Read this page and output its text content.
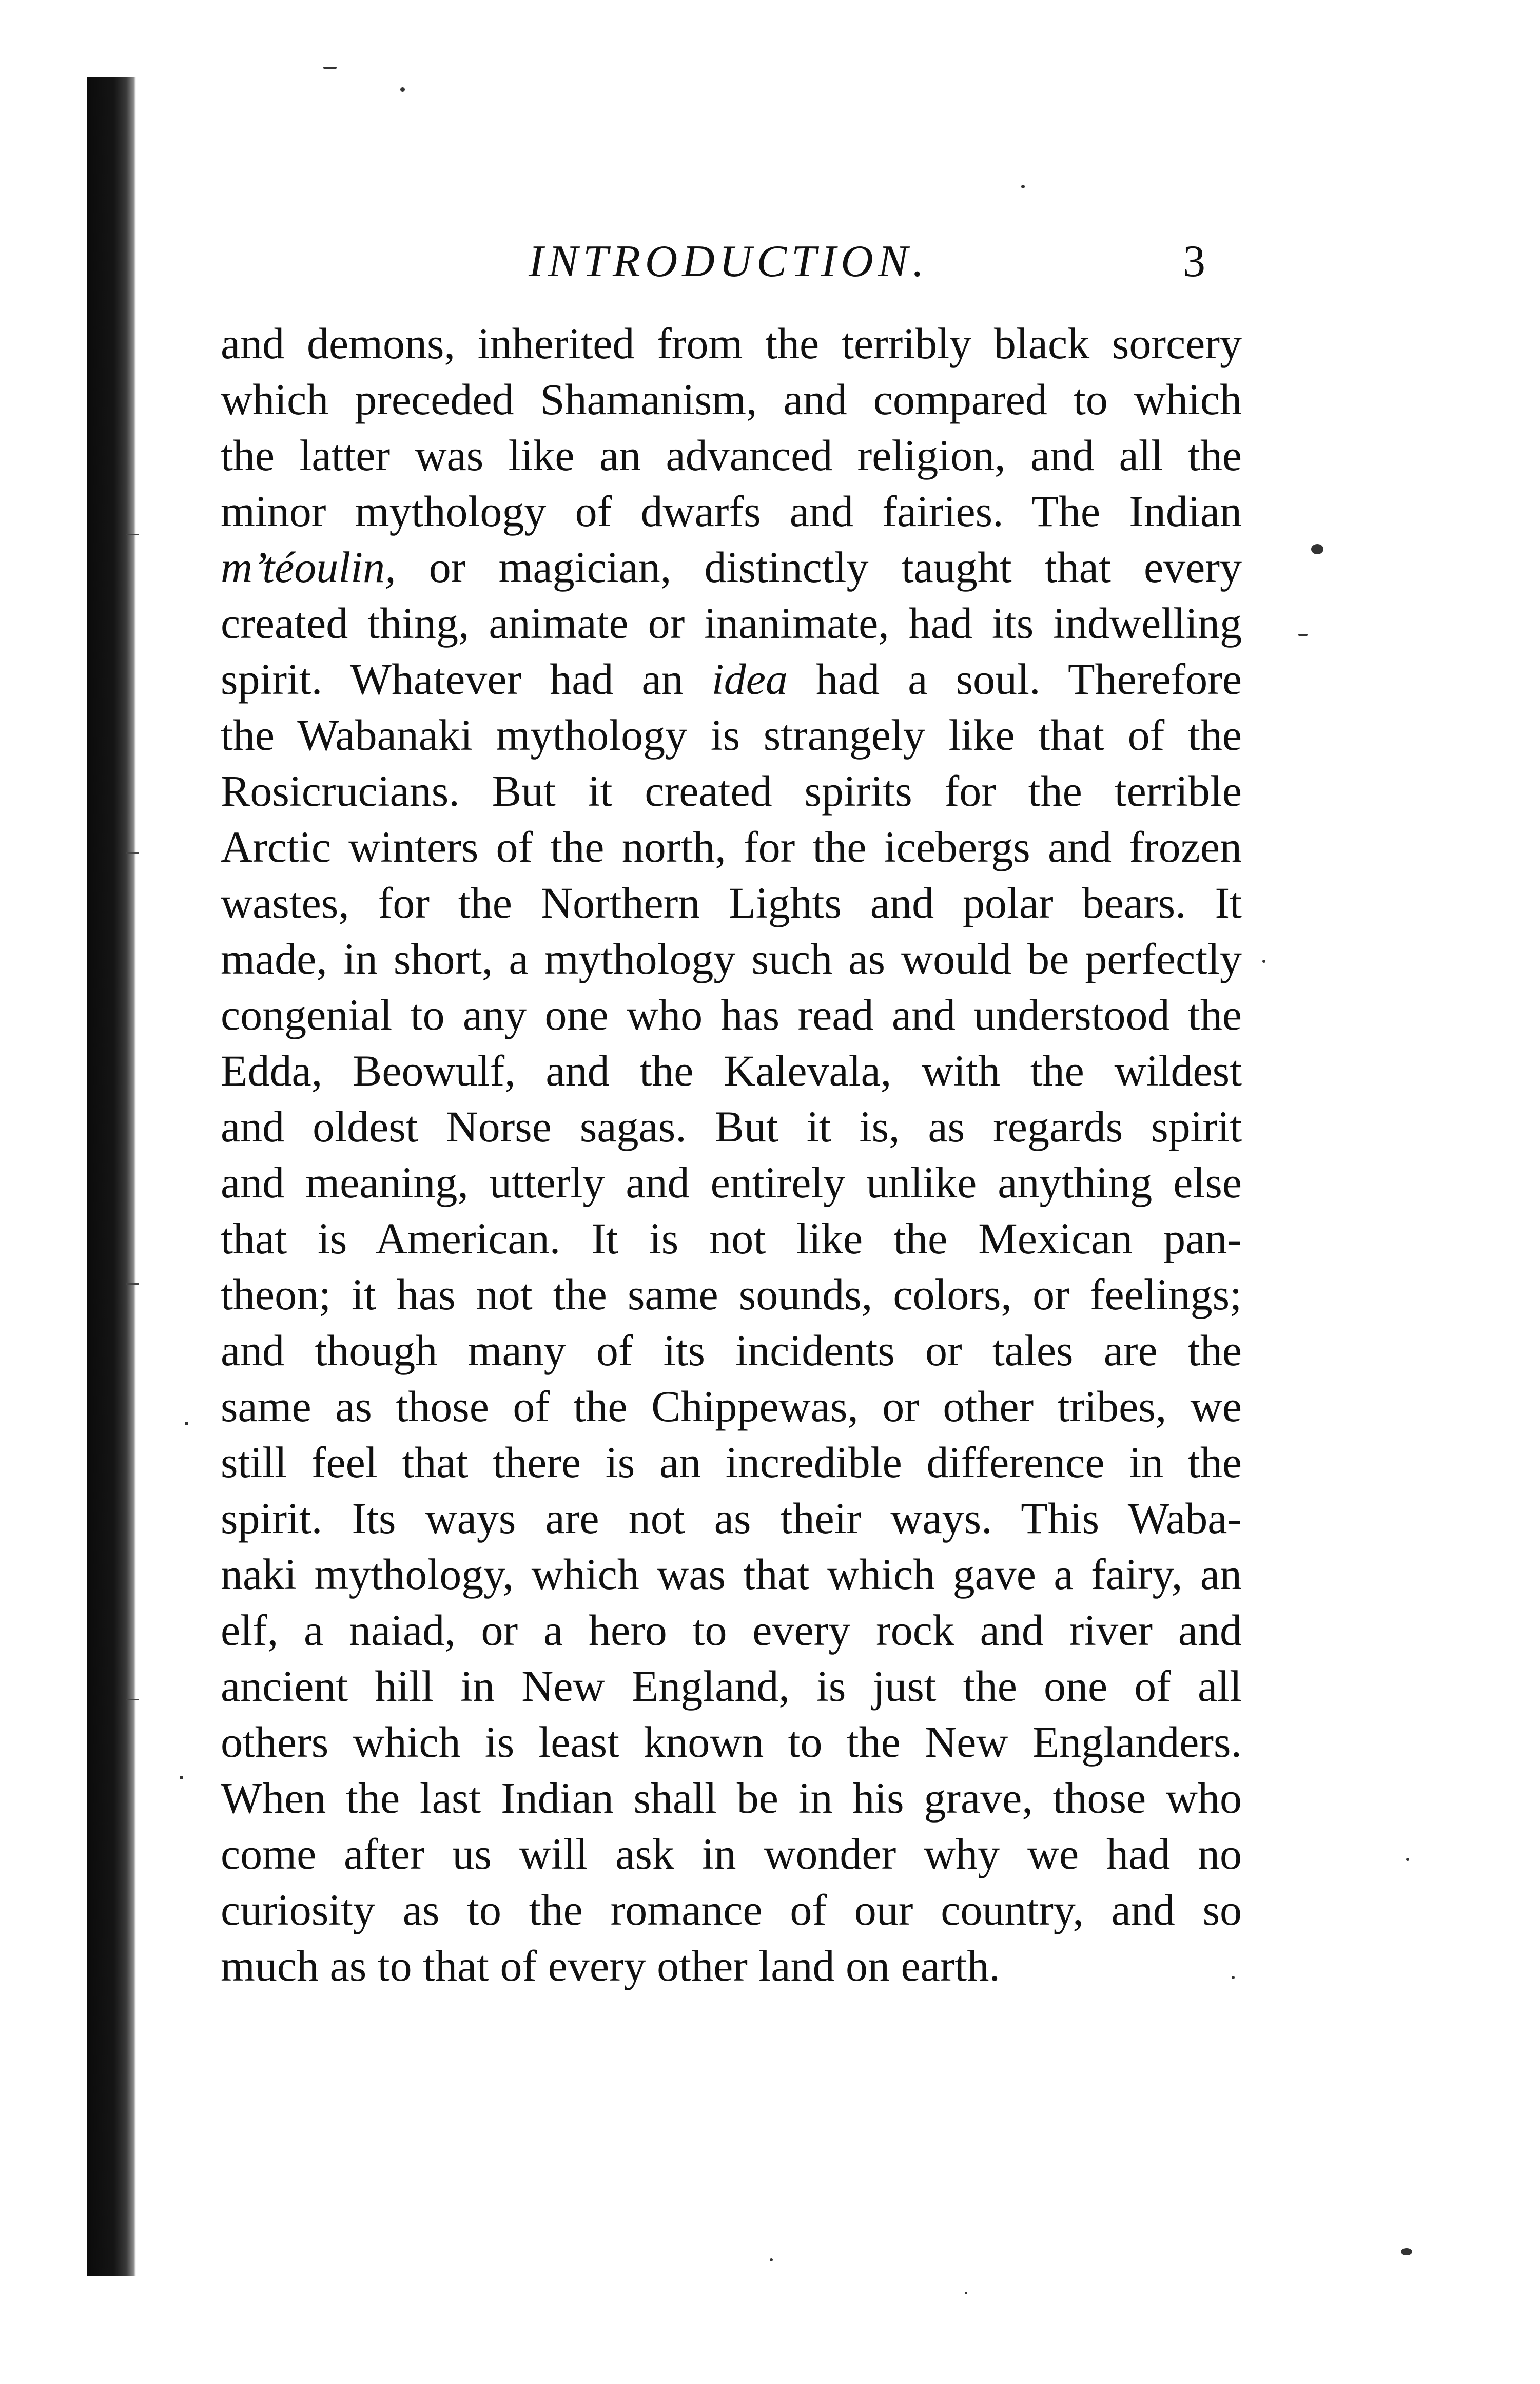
INTRODUCTION.	3
and demons, inherited from the terribly black sorcery
which preceded Shamanism, and compared to which
the latter was like an advanced religion, and all the
minor mythology of dwarfs and fairies. The Indian
m’téoulin, or magician, distinctly taught that every
created thing, animate or inanimate, had its indwelling
spirit. Whatever had an idea had a soul. Therefore
the Wabanaki mythology is strangely like that of the
Rosicrucians. But it created spirits for the terrible
Arctic winters of the north, for the icebergs and frozen
wastes, for the Northern Lights and polar bears. It
made, in short, a mythology such as would be perfectly
congenial to any one who has read and understood the
Edda, Beowulf, and the Kalevala, with the wildest
and oldest Norse sagas. But it is, as regards spirit
and meaning, utterly and entirely unlike anything else
that is American. It is not like the Mexican pan-
theon; it has not the same sounds, colors, or feelings;
and though many of its incidents or tales are the
same as those of the Chippewas, or other tribes, we
still feel that there is an incredible difference in the
spirit. Its ways are not as their ways. This Waba-
naki mythology, which was that which gave a fairy, an
elf, a naiad, or a hero to every rock and river and
ancient hill in New England, is just the one of all
others which is least known to the New Englanders.
When the last Indian shall be in his grave, those who
come after us will ask in wonder why we had no
curiosity as to the romance of our country, and so
much as to that of every other land on earth.
